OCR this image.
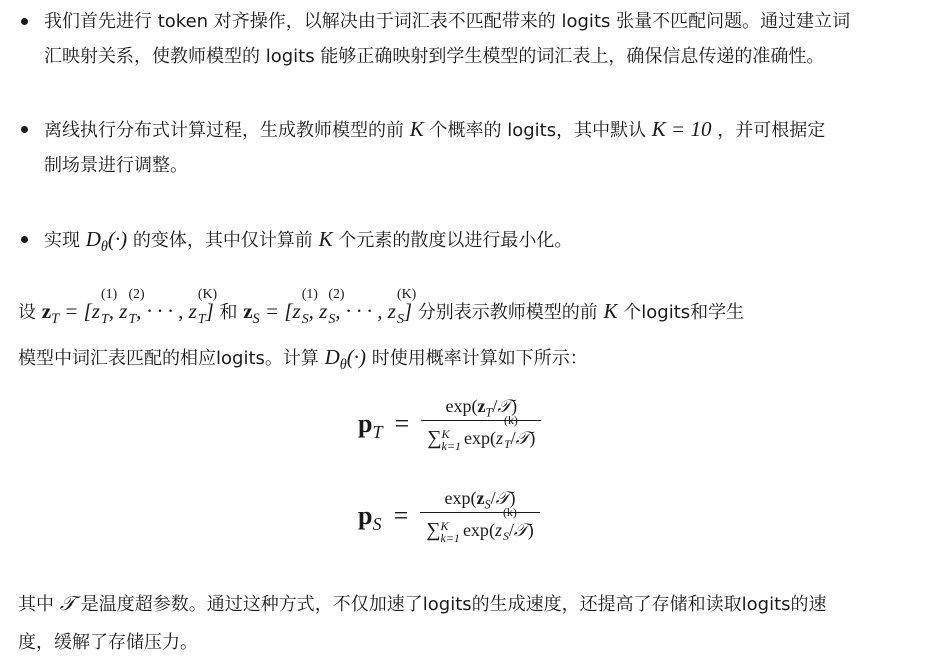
我们首先进行 token 对齐操作，以解决由于词汇表不匹配带来的 logits 张量不匹配问题。通过建立词
汇映射关系，使教师模型的 logits 能够正确映射到学生模型的词汇表上，确保信息传递的准确性。
离线执行分布式计算过程，生成教师模型的前 K 个概率的 logits，其中默认 K = 10 ，并可根据定
制场景进行调整。
实现 $D_\theta(\cdot)$ 的变体，其中仅计算前 K 个元素的散度以进行最小化。
设 $z_T = [z$
(1)
$_T$, z
(2)
$_T$, · · · , z
(K)
$_T$] 和 $z_S = [z$
(1)
$_S$, z
(2)
$_S$, · · · , z
(K)
$_S$] 分别表示教师模型的前 K 个logits和学生
模型中词汇表匹配的相应logits。计算 $D_\theta(\cdot)$ 时使用概率计算如下所示：
$p_T$ = $\exp(z_T/𝒯)$
∑ K
k=1 exp(z
(k)
$_T$/𝒯)
$p_S$ = $\exp(z_S/𝒯)$
∑ K
k=1 exp(z
(k)
$_S$/𝒯)
其中 𝒯 是温度超参数。通过这种方式，不仅加速了logits的生成速度，还提高了存储和读取logits的速
度，缓解了存储压力。
